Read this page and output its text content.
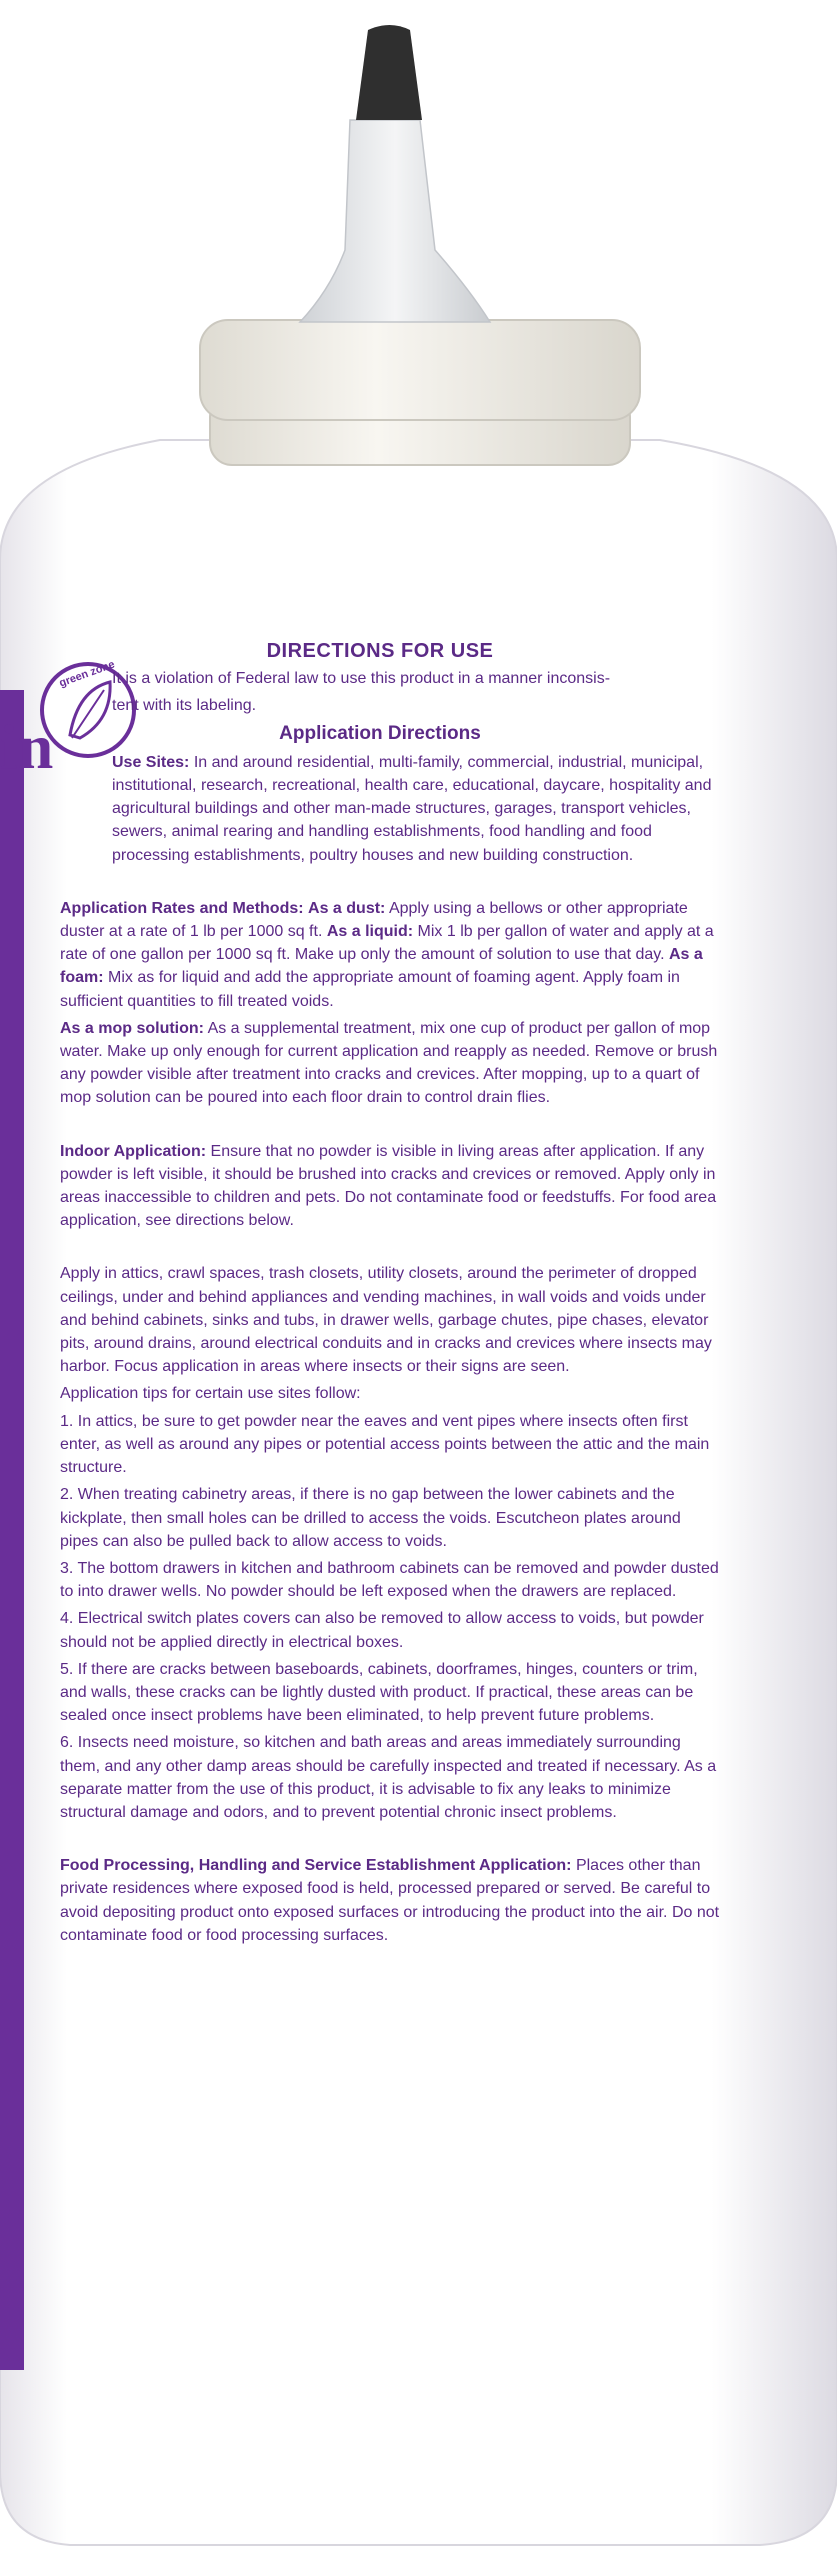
in
green zone
DIRECTIONS FOR USE

It is a violation of Federal law to use this product in a manner inconsis-

tent with its labeling.

Application Directions

Use Sites: In and around residential, multi-family, commercial, industrial, municipal, institutional, research, recreational, health care, educational, daycare, hospitality and agricultural buildings and other man-made structures, garages, transport vehicles, sewers, animal rearing and handling establishments, food handling and food processing establishments, poultry houses and new building construction.

Application Rates and Methods: As a dust: Apply using a bellows or other appropriate duster at a rate of 1 lb per 1000 sq ft. As a liquid: Mix 1 lb per gallon of water and apply at a rate of one gallon per 1000 sq ft. Make up only the amount of solution to use that day. As a foam: Mix as for liquid and add the appropriate amount of foaming agent. Apply foam in sufficient quantities to fill treated voids.

As a mop solution: As a supplemental treatment, mix one cup of product per gallon of mop water. Make up only enough for current application and reapply as needed. Remove or brush any powder visible after treatment into cracks and crevices. After mopping, up to a quart of mop solution can be poured into each floor drain to control drain flies.

Indoor Application: Ensure that no powder is visible in living areas after application. If any powder is left visible, it should be brushed into cracks and crevices or removed. Apply only in areas inaccessible to children and pets. Do not contaminate food or feedstuffs. For food area application, see directions below.

Apply in attics, crawl spaces, trash closets, utility closets, around the perimeter of dropped ceilings, under and behind appliances and vending machines, in wall voids and voids under and behind cabinets, sinks and tubs, in drawer wells, garbage chutes, pipe chases, elevator pits, around drains, around electrical conduits and in cracks and crevices where insects may harbor. Focus application in areas where insects or their signs are seen.

Application tips for certain use sites follow:

1. In attics, be sure to get powder near the eaves and vent pipes where insects often first enter, as well as around any pipes or potential access points between the attic and the main structure.

2. When treating cabinetry areas, if there is no gap between the lower cabinets and the kickplate, then small holes can be drilled to access the voids. Escutcheon plates around pipes can also be pulled back to allow access to voids.

3. The bottom drawers in kitchen and bathroom cabinets can be removed and powder dusted to into drawer wells. No powder should be left exposed when the drawers are replaced.

4. Electrical switch plates covers can also be removed to allow access to voids, but powder should not be applied directly in electrical boxes.

5. If there are cracks between baseboards, cabinets, doorframes, hinges, counters or trim, and walls, these cracks can be lightly dusted with product. If practical, these areas can be sealed once insect problems have been eliminated, to help prevent future problems.

6. Insects need moisture, so kitchen and bath areas and areas immediately surrounding them, and any other damp areas should be carefully inspected and treated if necessary. As a separate matter from the use of this product, it is advisable to fix any leaks to minimize structural damage and odors, and to prevent potential chronic insect problems.

Food Processing, Handling and Service Establishment Application: Places other than private residences where exposed food is held, processed prepared or served. Be careful to avoid depositing product onto exposed surfaces or introducing the product into the air. Do not contaminate food or food processing surfaces.
